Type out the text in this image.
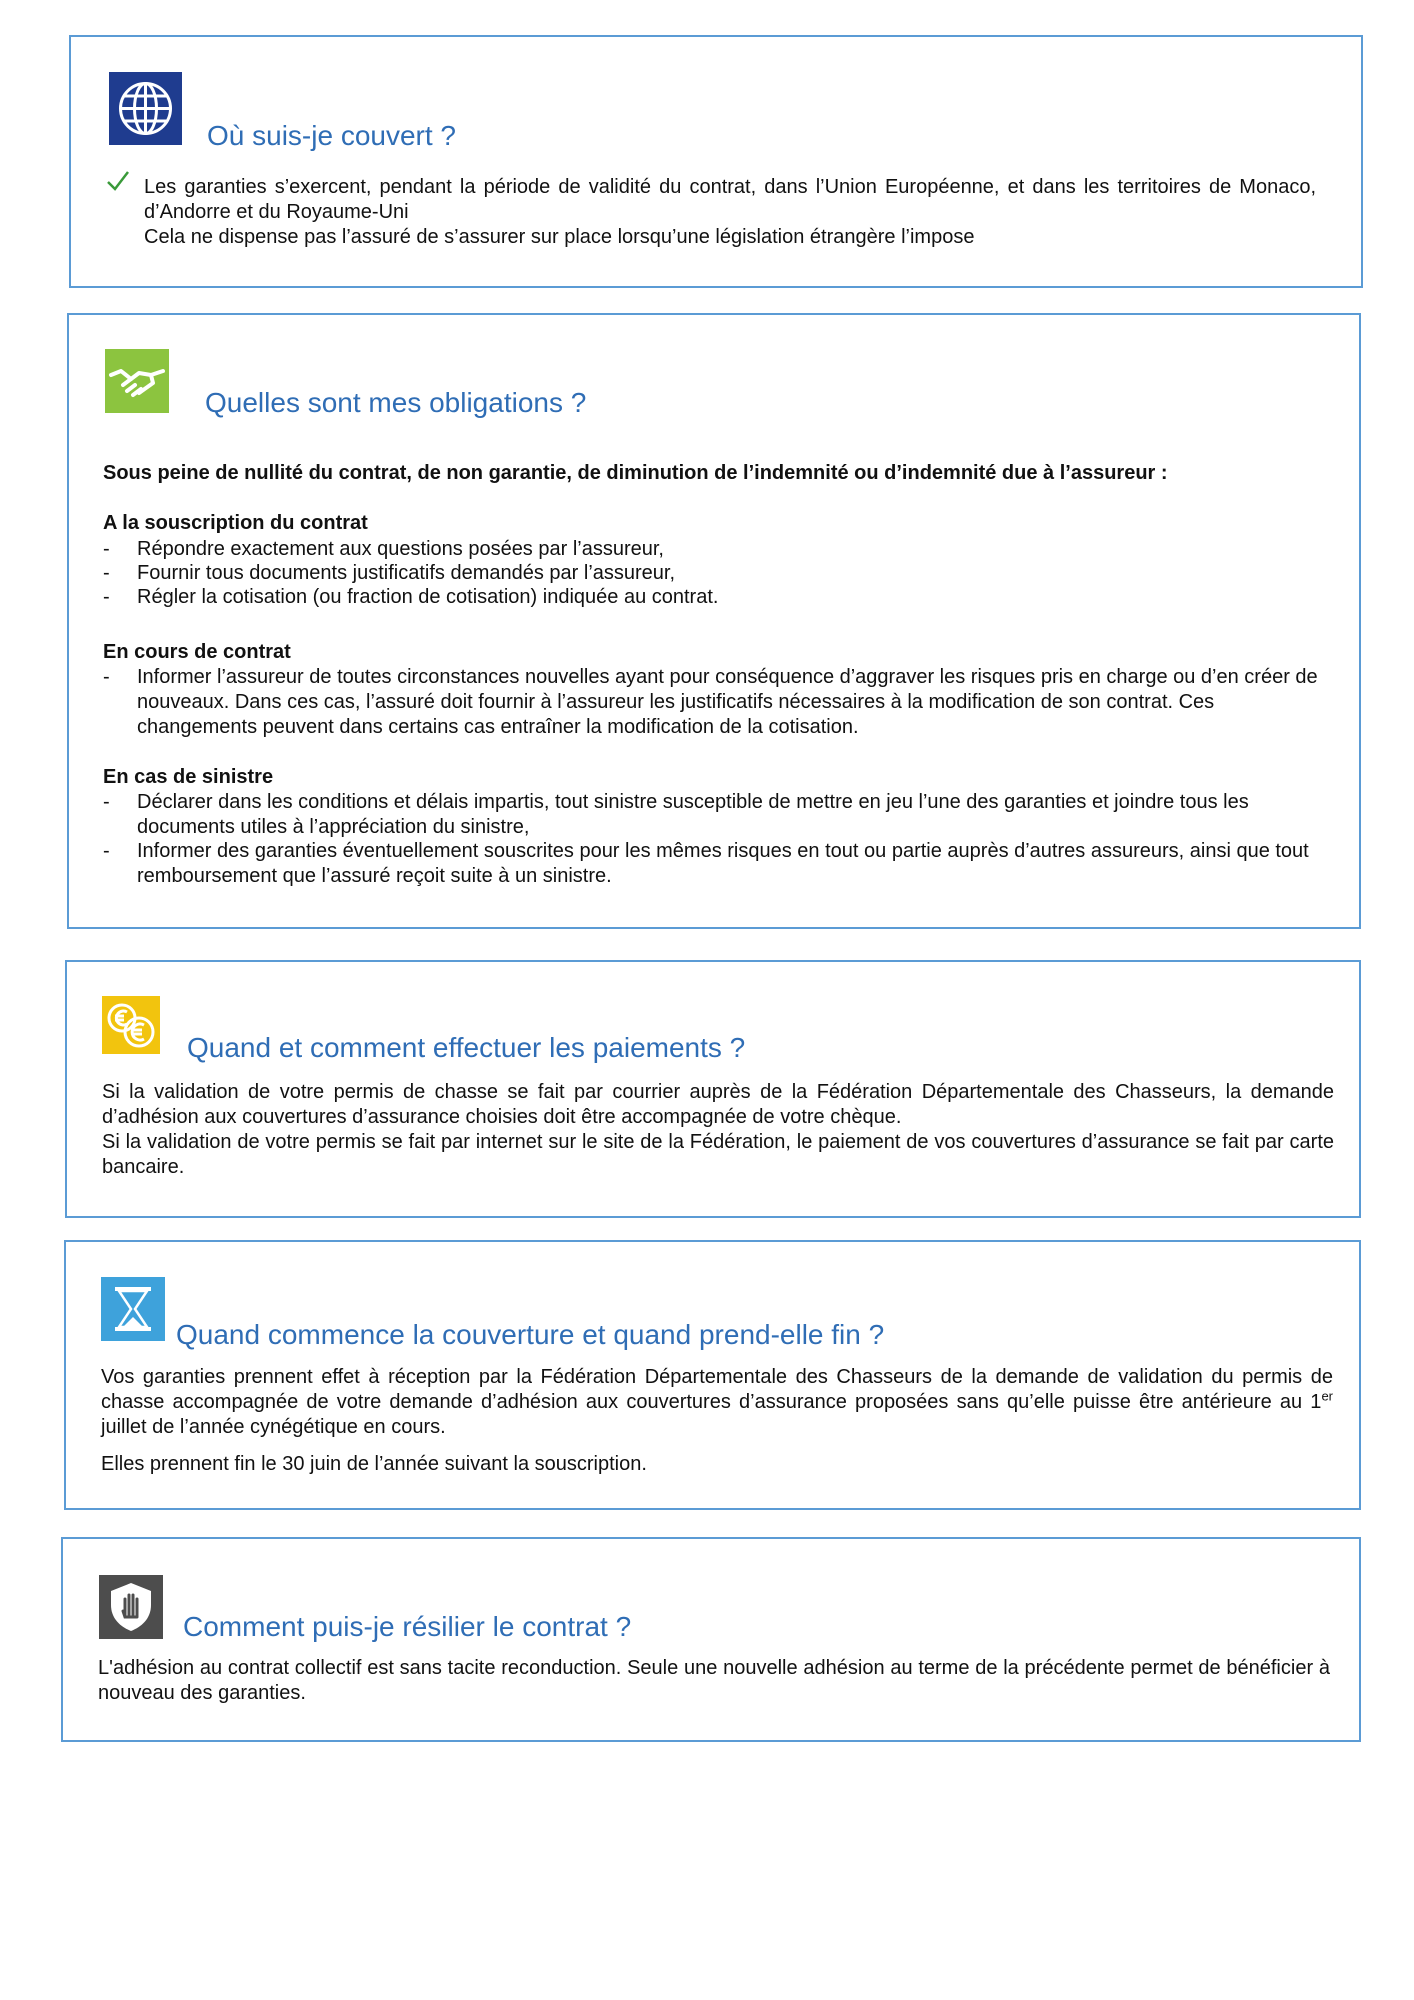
Où suis-je couvert ?

Les garanties s’exercent, pendant la période de validité du contrat, dans l’Union Européenne, et dans les territoires de Monaco, d’Andorre et du Royaume-Uni

Cela ne dispense pas l’assuré de s’assurer sur place lorsqu’une législation étrangère l’impose

Quelles sont mes obligations ?

Sous peine de nullité du contrat, de non garantie, de diminution de l’indemnité ou d’indemnité due à l’assureur :

A la souscription du contrat

-	Répondre exactement aux questions posées par l’assureur,
-	Fournir tous documents justificatifs demandés par l’assureur,
-	Régler la cotisation (ou fraction de cotisation) indiquée au contrat.

En cours de contrat

-	Informer l’assureur de toutes circonstances nouvelles ayant pour conséquence d’aggraver les risques pris en charge ou d’en créer de nouveaux. Dans ces cas, l’assuré doit fournir à l’assureur les justificatifs nécessaires à la modification de son contrat. Ces changements peuvent dans certains cas entraîner la modification de la cotisation.

En cas de sinistre

-	Déclarer dans les conditions et délais impartis, tout sinistre susceptible de mettre en jeu l’une des garanties et joindre tous les documents utiles à l’appréciation du sinistre,
-	Informer des garanties éventuellement souscrites pour les mêmes risques en tout ou partie auprès d’autres assureurs, ainsi que tout remboursement que l’assuré reçoit suite à un sinistre.
Quand et comment effectuer les paiements ?

Si la validation de votre permis de chasse se fait par courrier auprès de la Fédération Départementale des Chasseurs, la demande d’adhésion aux couvertures d’assurance choisies doit être accompagnée de votre chèque.

Si la validation de votre permis se fait par internet sur le site de la Fédération, le paiement de vos couvertures d’assurance se fait par carte bancaire.

Quand commence la couverture et quand prend-elle fin ?

Vos garanties prennent effet à réception par la Fédération Départementale des Chasseurs de la demande de validation du permis de chasse accompagnée de votre demande d’adhésion aux couvertures d’assurance proposées sans qu’elle puisse être antérieure au 1er juillet de l’année cynégétique en cours.

Elles prennent fin le 30 juin de l’année suivant la souscription.

Comment puis-je résilier le contrat ?

L'adhésion au contrat collectif est sans tacite reconduction. Seule une nouvelle adhésion au terme de la précédente permet de bénéficier à nouveau des garanties.
